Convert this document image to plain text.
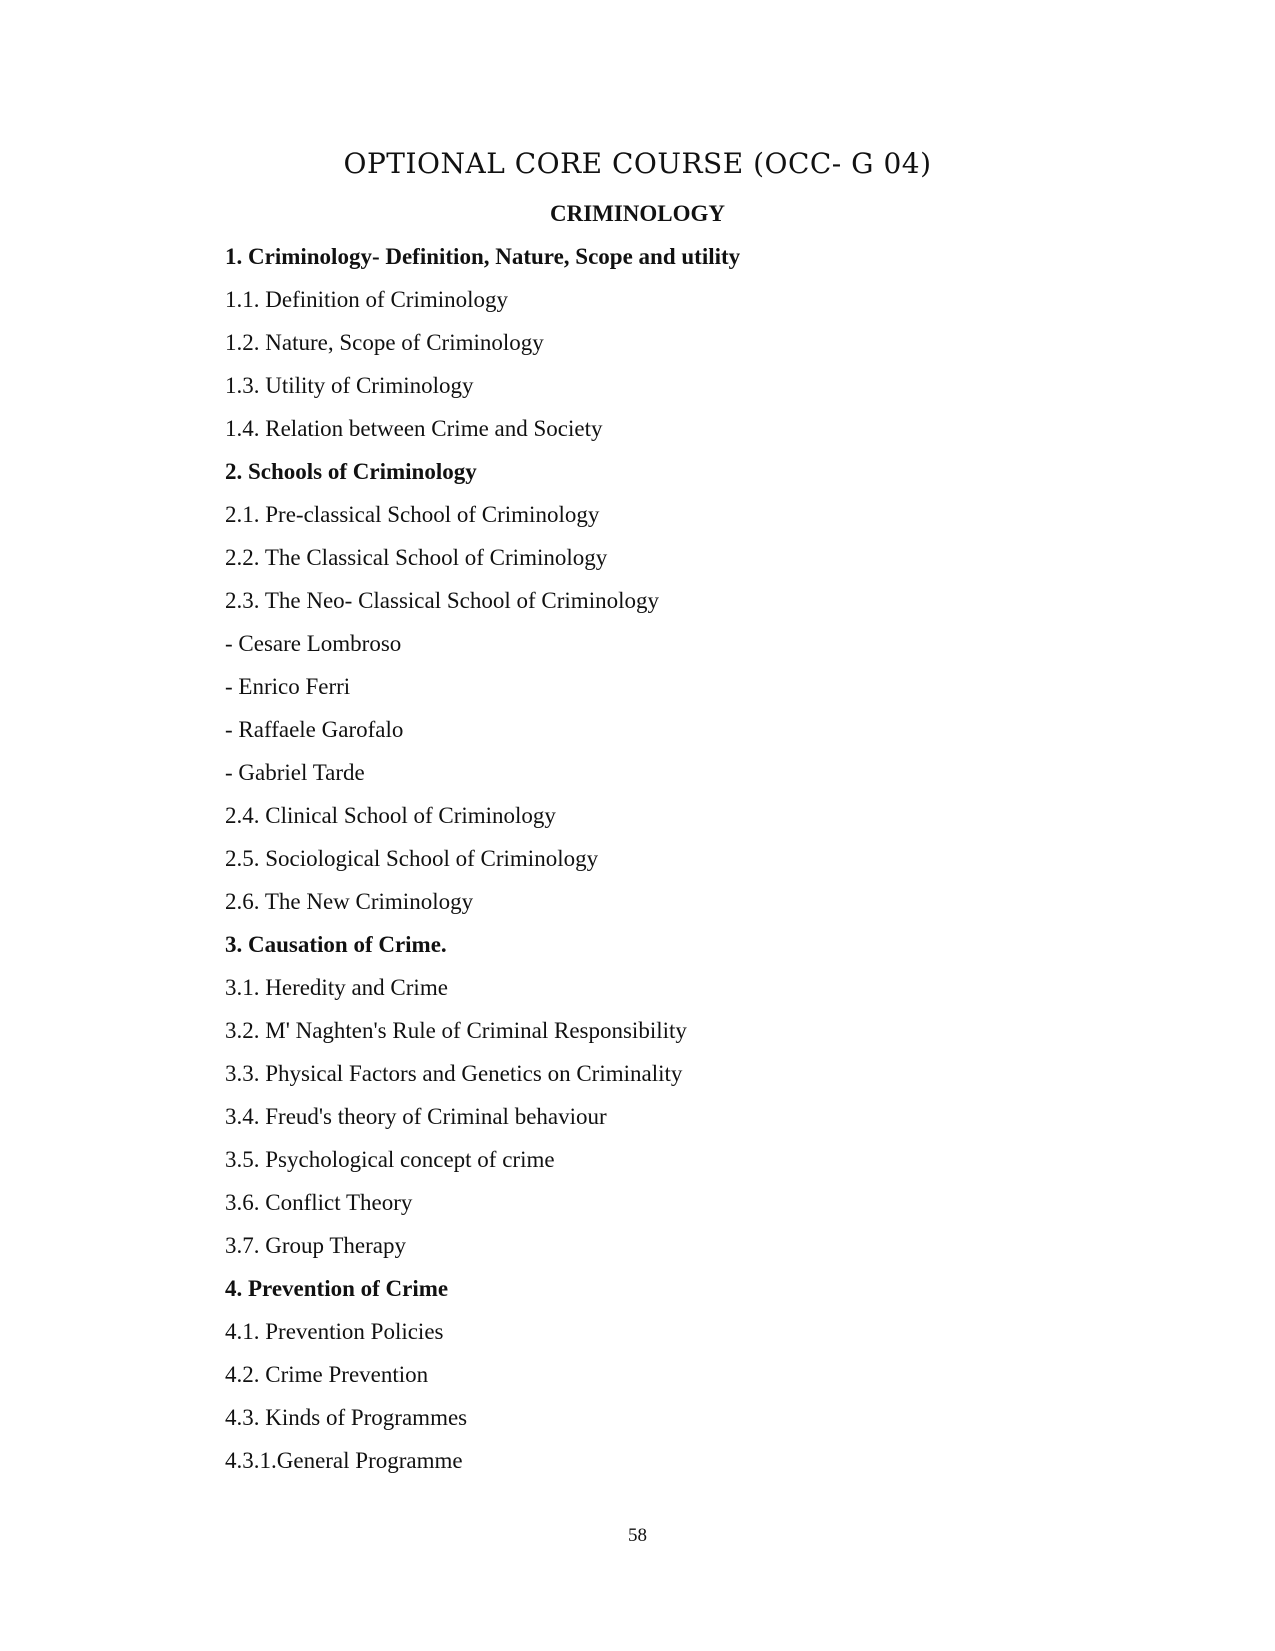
OPTIONAL CORE COURSE (OCC- G 04)
CRIMINOLOGY
1. Criminology- Definition, Nature, Scope and utility
1.1. Definition of Criminology
1.2. Nature, Scope of Criminology
1.3. Utility of Criminology
1.4. Relation between Crime and Society
2. Schools of Criminology
2.1. Pre-classical School of Criminology
2.2. The Classical School of Criminology
2.3. The Neo- Classical School of Criminology
- Cesare Lombroso
- Enrico Ferri
- Raffaele Garofalo
- Gabriel Tarde
2.4. Clinical School of Criminology
2.5. Sociological School of Criminology
2.6. The New Criminology
3. Causation of Crime.
3.1. Heredity and Crime
3.2. M' Naghten's Rule of Criminal Responsibility
3.3. Physical Factors and Genetics on Criminality
3.4. Freud's theory of Criminal behaviour
3.5. Psychological concept of crime
3.6. Conflict Theory
3.7. Group Therapy
4. Prevention of Crime
4.1. Prevention Policies
4.2. Crime Prevention
4.3. Kinds of Programmes
4.3.1.General Programme
58
